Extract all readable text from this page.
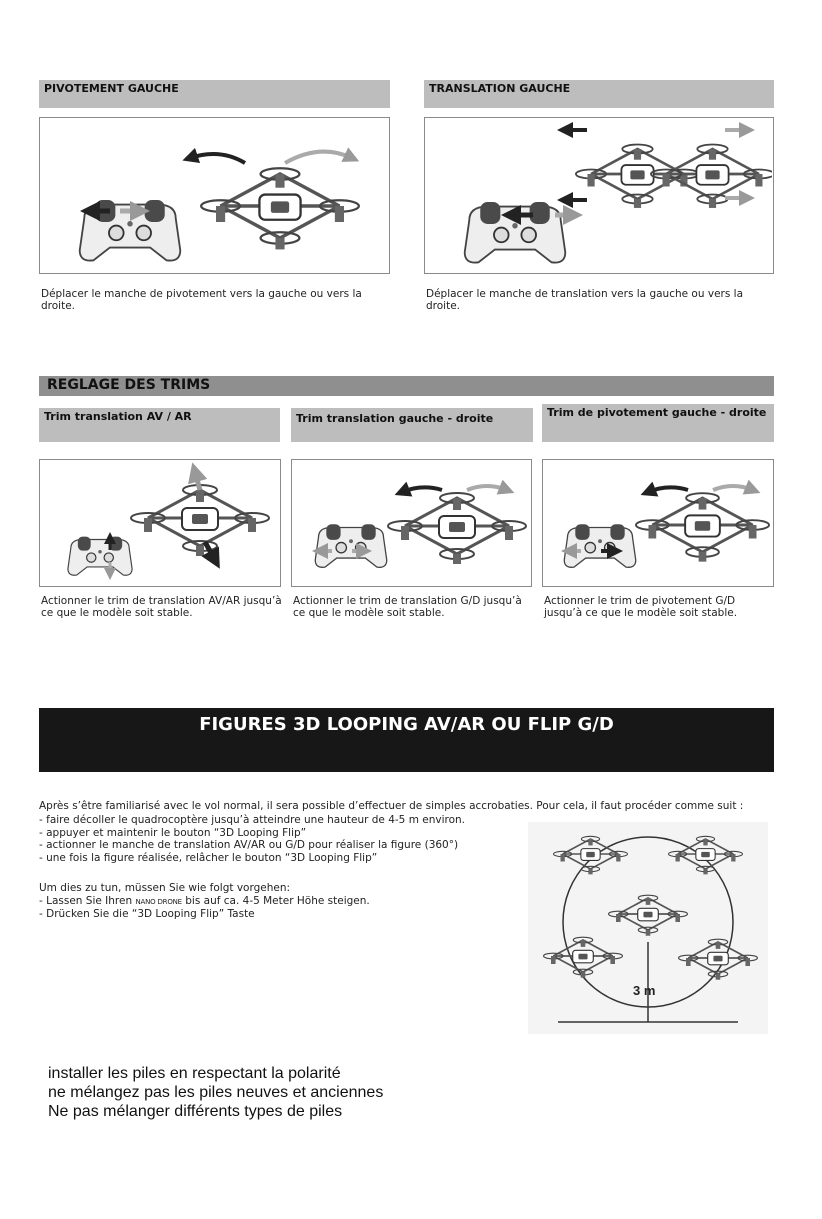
PIVOTEMENT GAUCHE
Déplacer le manche de pivotement vers la gauche ou vers la droite.
TRANSLATION GAUCHE
Déplacer le manche de translation vers la gauche ou vers la droite.
REGLAGE DES TRIMS
Trim translation AV / AR
Actionner le trim de translation AV/AR jusqu’à ce que le modèle soit stable.
Trim translation gauche - droite
Actionner le trim de translation G/D jusqu’à ce que le modèle soit stable.
Trim de pivotement gauche - droite
Actionner le trim de pivotement G/D jusqu’à ce que le modèle soit stable.
FIGURES 3D LOOPING AV/AR OU FLIP G/D
Après s’être familiarisé avec le vol normal, il sera possible d’effectuer de simples accrobaties. Pour cela, il faut procéder comme suit :
- faire décoller le quadrocoptère jusqu’à atteindre une hauteur de 4-5 m environ.
- appuyer et maintenir le bouton “3D Looping Flip”
- actionner le manche de translation AV/AR ou G/D pour réaliser la figure (360°)
- une fois la figure réalisée, relâcher le bouton “3D Looping Flip”
Um dies zu tun, müssen Sie wie folgt vorgehen:
- Lassen Sie Ihren NANO DRONE bis auf ca. 4-5 Meter Höhe steigen.
- Drücken Sie die “3D Looping Flip” Taste
3 m
installer les piles en respectant la polarité
ne mélangez pas les piles neuves et anciennes
Ne pas mélanger différents types de piles
